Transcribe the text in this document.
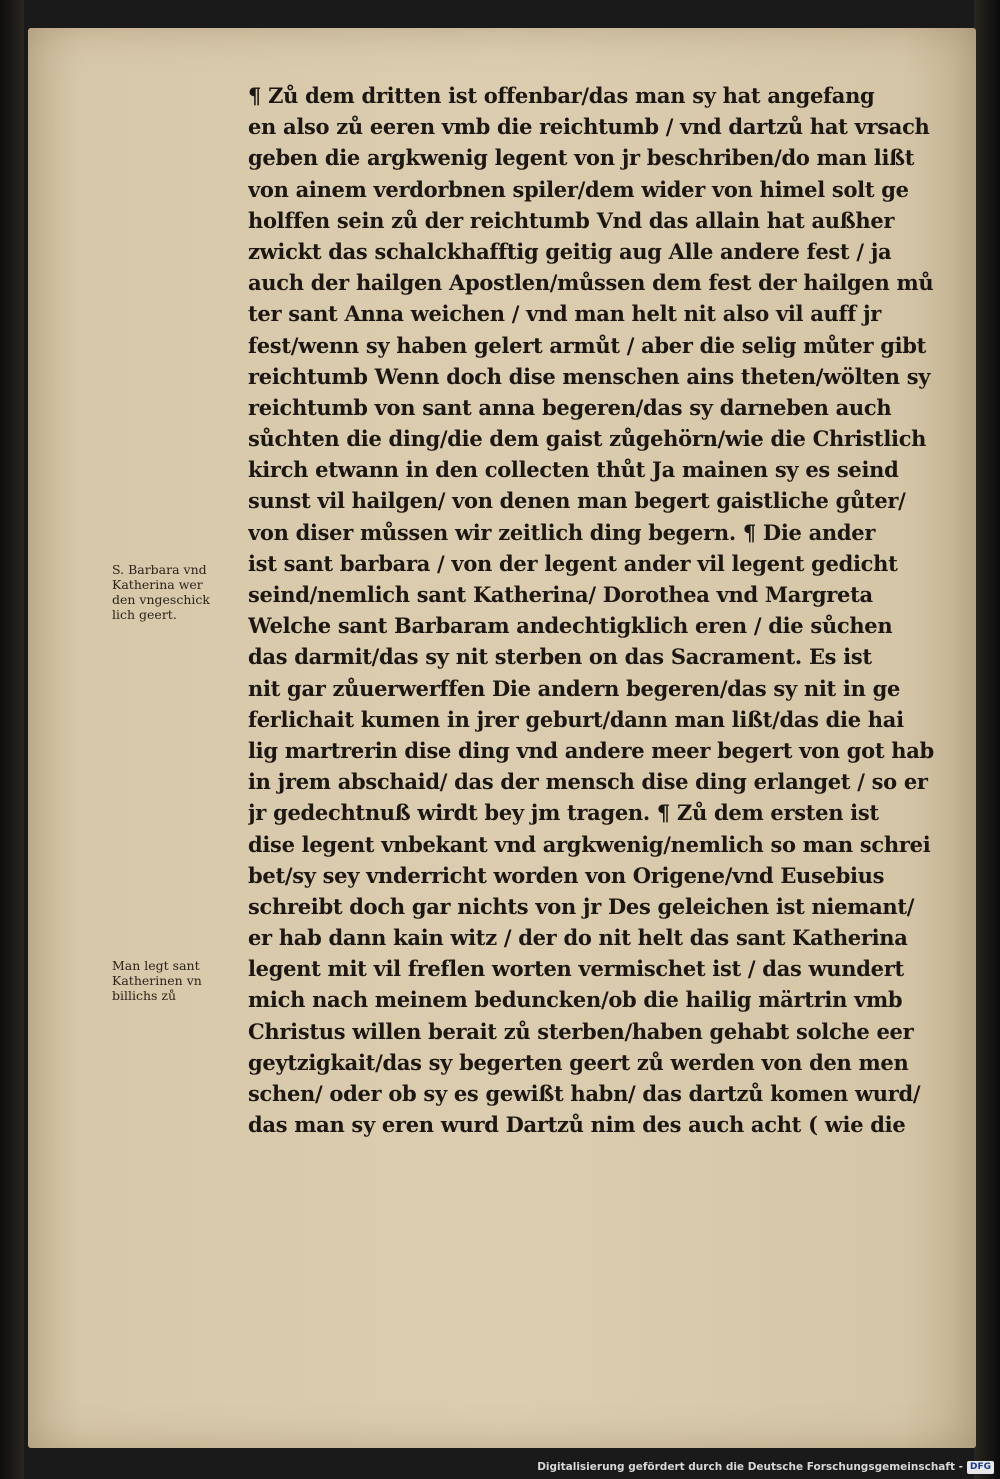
¶ Zů dem dritten ist offenbar/das man sy hat angefang
en also zů eeren vmb die reichtumb / vnd dartzů hat vrsach
geben die argkwenig legent von jr beschriben/do man lißt
von ainem verdorbnen spiler/dem wider von himel solt ge
holffen sein zů der reichtumb Vnd das allain hat außher
zwickt das schalckhafftig geitig aug Alle andere fest / ja
auch der hailgen Apostlen/můssen dem fest der hailgen mů
ter sant Anna weichen / vnd man helt nit also vil auff jr
fest/wenn sy haben gelert armůt / aber die selig můter gibt
reichtumb Wenn doch dise menschen ains theten/wölten sy
reichtumb von sant anna begeren/das sy darneben auch
sůchten die ding/die dem gaist zůgehörn/wie die Christlich
kirch etwann in den collecten thůt Ja mainen sy es seind
sunst vil hailgen/ von denen man begert gaistliche gůter/
von diser můssen wir zeitlich ding begern. ¶ Die ander
ist sant barbara / von der legent ander vil legent gedicht
seind/nemlich sant Katherina/ Dorothea vnd Margreta
Welche sant Barbaram andechtigklich eren / die sůchen
das darmit/das sy nit sterben on das Sacrament. Es ist
nit gar zůuerwerffen Die andern begeren/das sy nit in ge
ferlichait kumen in jrer geburt/dann man lißt/das die hai
lig martrerin dise ding vnd andere meer begert von got hab
in jrem abschaid/ das der mensch dise ding erlanget / so er
jr gedechtnuß wirdt bey jm tragen. ¶ Zů dem ersten ist
dise legent vnbekant vnd argkwenig/nemlich so man schrei
bet/sy sey vnderricht worden von Origene/vnd Eusebius
schreibt doch gar nichts von jr Des geleichen ist niemant/
er hab dann kain witz / der do nit helt das sant Katherina
legent mit vil freflen worten vermischet ist / das wundert
mich nach meinem beduncken/ob die hailig märtrin vmb
Christus willen berait zů sterben/haben gehabt solche eer
geytzigkait/das sy begerten geert zů werden von den men
schen/ oder ob sy es gewißt habn/ das dartzů komen wurd/
das man sy eren wurd Dartzů nim des auch acht ( wie die
S. Barbara vnd
Katherina wer
den vngeschick
lich geert.
Man legt sant
Katherinen vn
billichs zů
Digitalisierung gefördert durch die Deutsche Forschungsgemeinschaft - DFG
